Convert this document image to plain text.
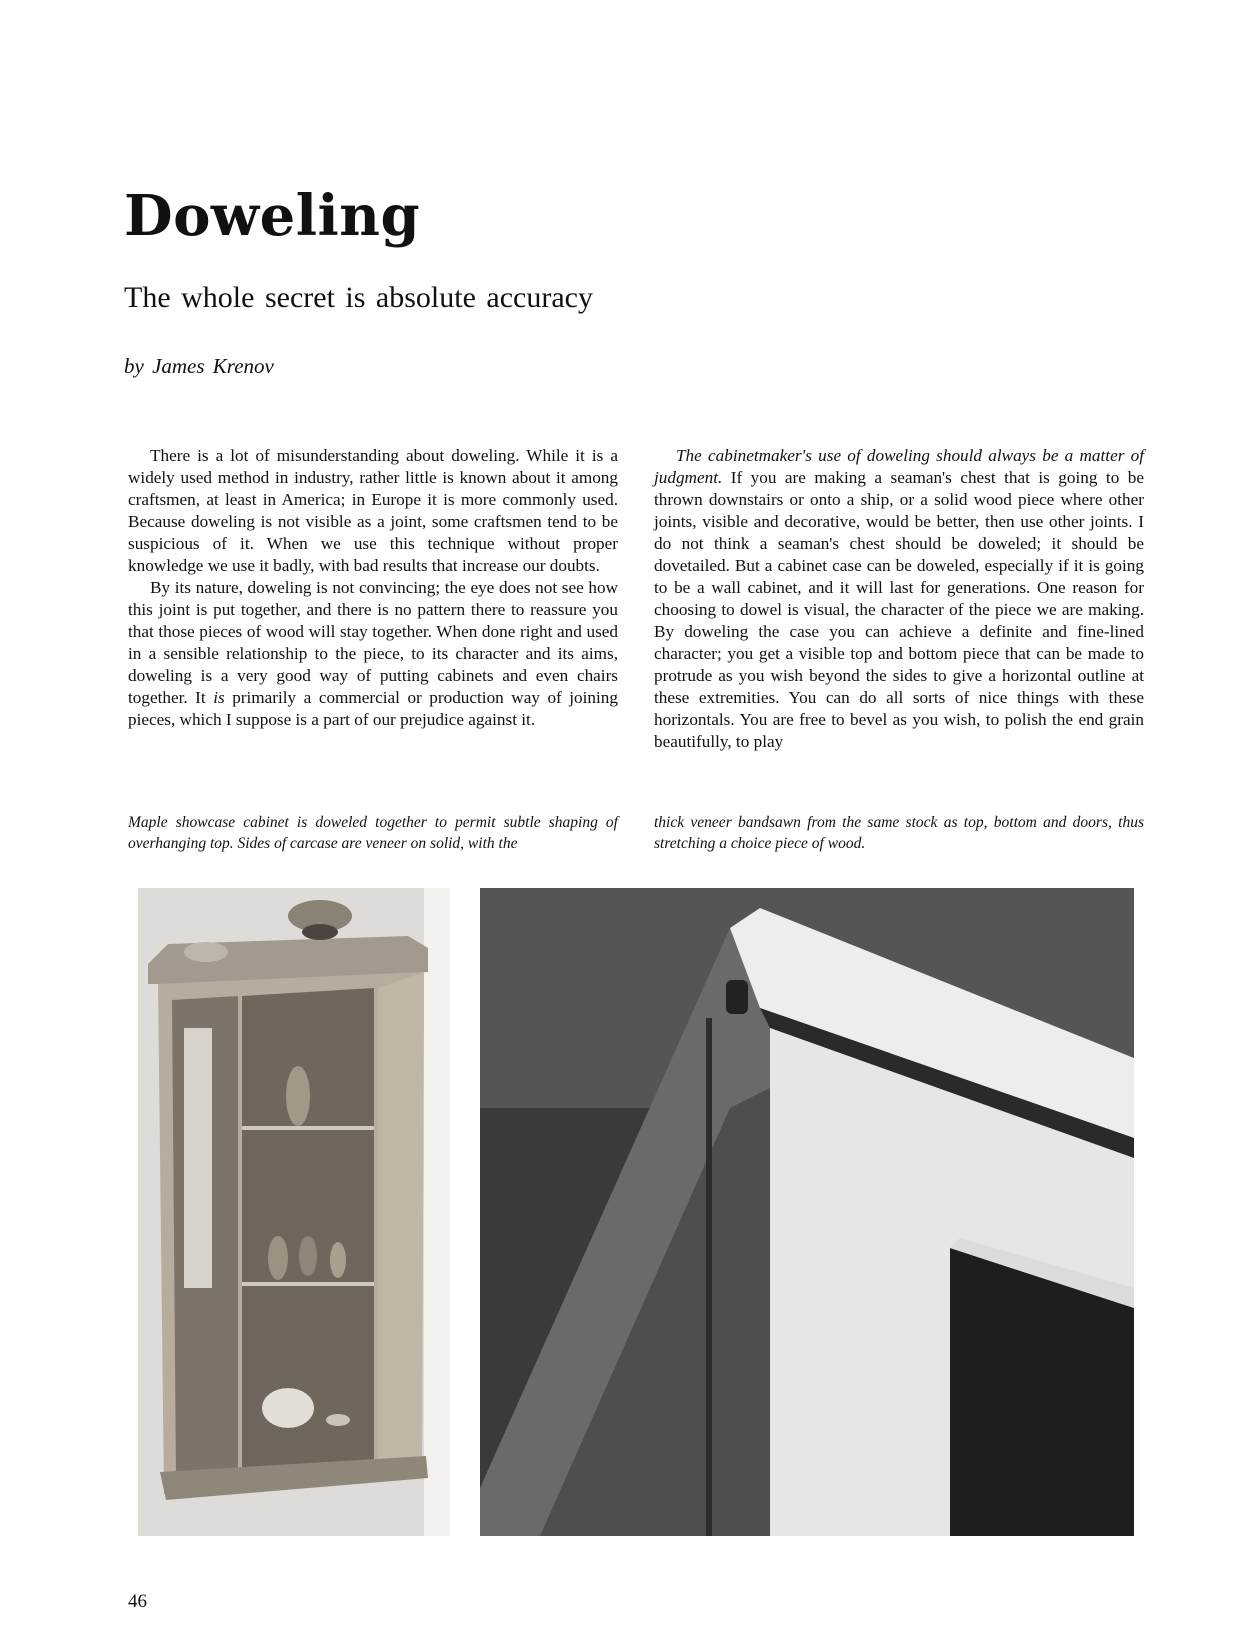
Doweling

The whole secret is absolute accuracy

by James Krenov

There is a lot of misunderstanding about doweling. While it is a widely used method in industry, rather little is known about it among craftsmen, at least in America; in Europe it is more commonly used. Because doweling is not visible as a joint, some craftsmen tend to be suspicious of it. When we use this technique without proper knowledge we use it badly, with bad results that increase our doubts.

By its nature, doweling is not convincing; the eye does not see how this joint is put together, and there is no pattern there to reassure you that those pieces of wood will stay together. When done right and used in a sensible relationship to the piece, to its character and its aims, doweling is a very good way of putting cabinets and even chairs together. It is primarily a commercial or production way of joining pieces, which I suppose is a part of our prejudice against it.

The cabinetmaker's use of doweling should always be a matter of judgment. If you are making a seaman's chest that is going to be thrown downstairs or onto a ship, or a solid wood piece where other joints, visible and decorative, would be better, then use other joints. I do not think a seaman's chest should be doweled; it should be dovetailed. But a cabinet case can be doweled, especially if it is going to be a wall cabinet, and it will last for generations. One reason for choosing to dowel is visual, the character of the piece we are making. By doweling the case you can achieve a definite and fine-lined character; you get a visible top and bottom piece that can be made to protrude as you wish beyond the sides to give a horizontal outline at these extremities. You can do all sorts of nice things with these horizontals. You are free to bevel as you wish, to polish the end grain beautifully, to play

Maple showcase cabinet is doweled together to permit subtle shaping of overhanging top. Sides of carcase are veneer on solid, with the

thick veneer bandsawn from the same stock as top, bottom and doors, thus stretching a choice piece of wood.

46
